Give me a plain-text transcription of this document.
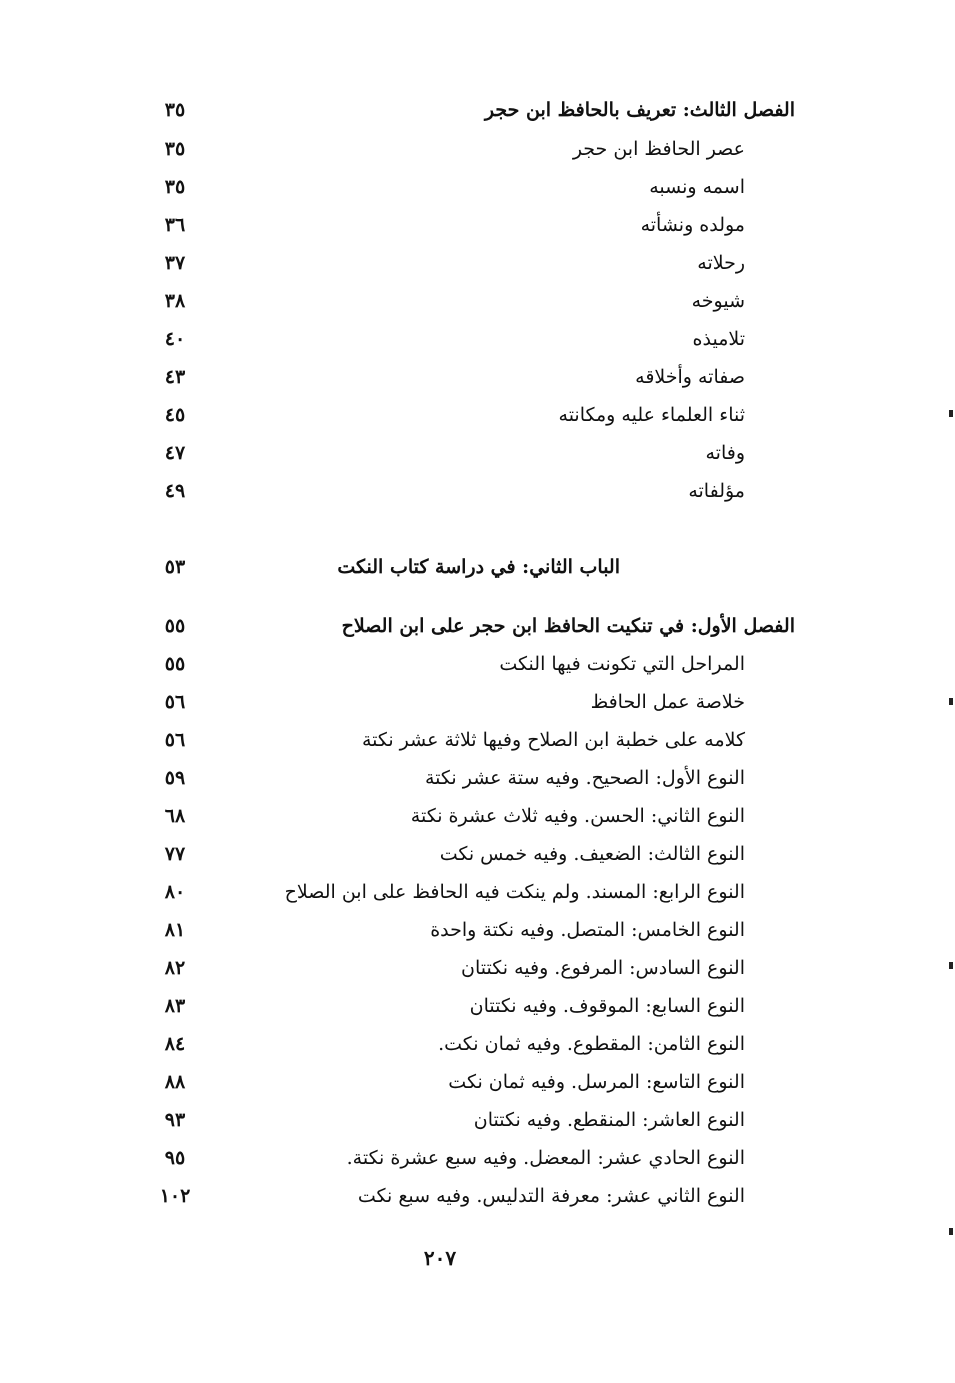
الفصل الثالث: تعريف بالحافظ ابن حجر
٣٥
عصر الحافظ ابن حجر
٣٥
اسمه ونسبه
٣٥
مولده ونشأته
٣٦
رحلاته
٣٧
شيوخه
٣٨
تلاميذه
٤٠
صفاته وأخلاقه
٤٣
ثناء العلماء عليه ومكانته
٤٥
وفاته
٤٧
مؤلفاته
٤٩
الباب الثاني: في دراسة كتاب النكت
٥٣
الفصل الأول: في تنكيت الحافظ ابن حجر على ابن الصلاح
٥٥
المراحل التي تكونت فيها النكت
٥٥
خلاصة عمل الحافظ
٥٦
كلامه على خطبة ابن الصلاح وفيها ثلاثة عشر نكتة
٥٦
النوع الأول: الصحيح. وفيه ستة عشر نكتة
٥٩
النوع الثاني: الحسن. وفيه ثلاث عشرة نكتة
٦٨
النوع الثالث: الضعيف. وفيه خمس نكت
٧٧
النوع الرابع: المسند. ولم ينكت فيه الحافظ على ابن الصلاح
٨٠
النوع الخامس: المتصل. وفيه نكتة واحدة
٨١
النوع السادس: المرفوع. وفيه نكتتان
٨٢
النوع السابع: الموقوف. وفيه نكتتان
٨٣
النوع الثامن: المقطوع. وفيه ثمان نكت.
٨٤
النوع التاسع: المرسل. وفيه ثمان نكت
٨٨
النوع العاشر: المنقطع. وفيه نكتتان
٩٣
النوع الحادي عشر: المعضل. وفيه سبع عشرة نكتة.
٩٥
النوع الثاني عشر: معرفة التدليس. وفيه سبع نكت
١٠٢
٢٠٧
